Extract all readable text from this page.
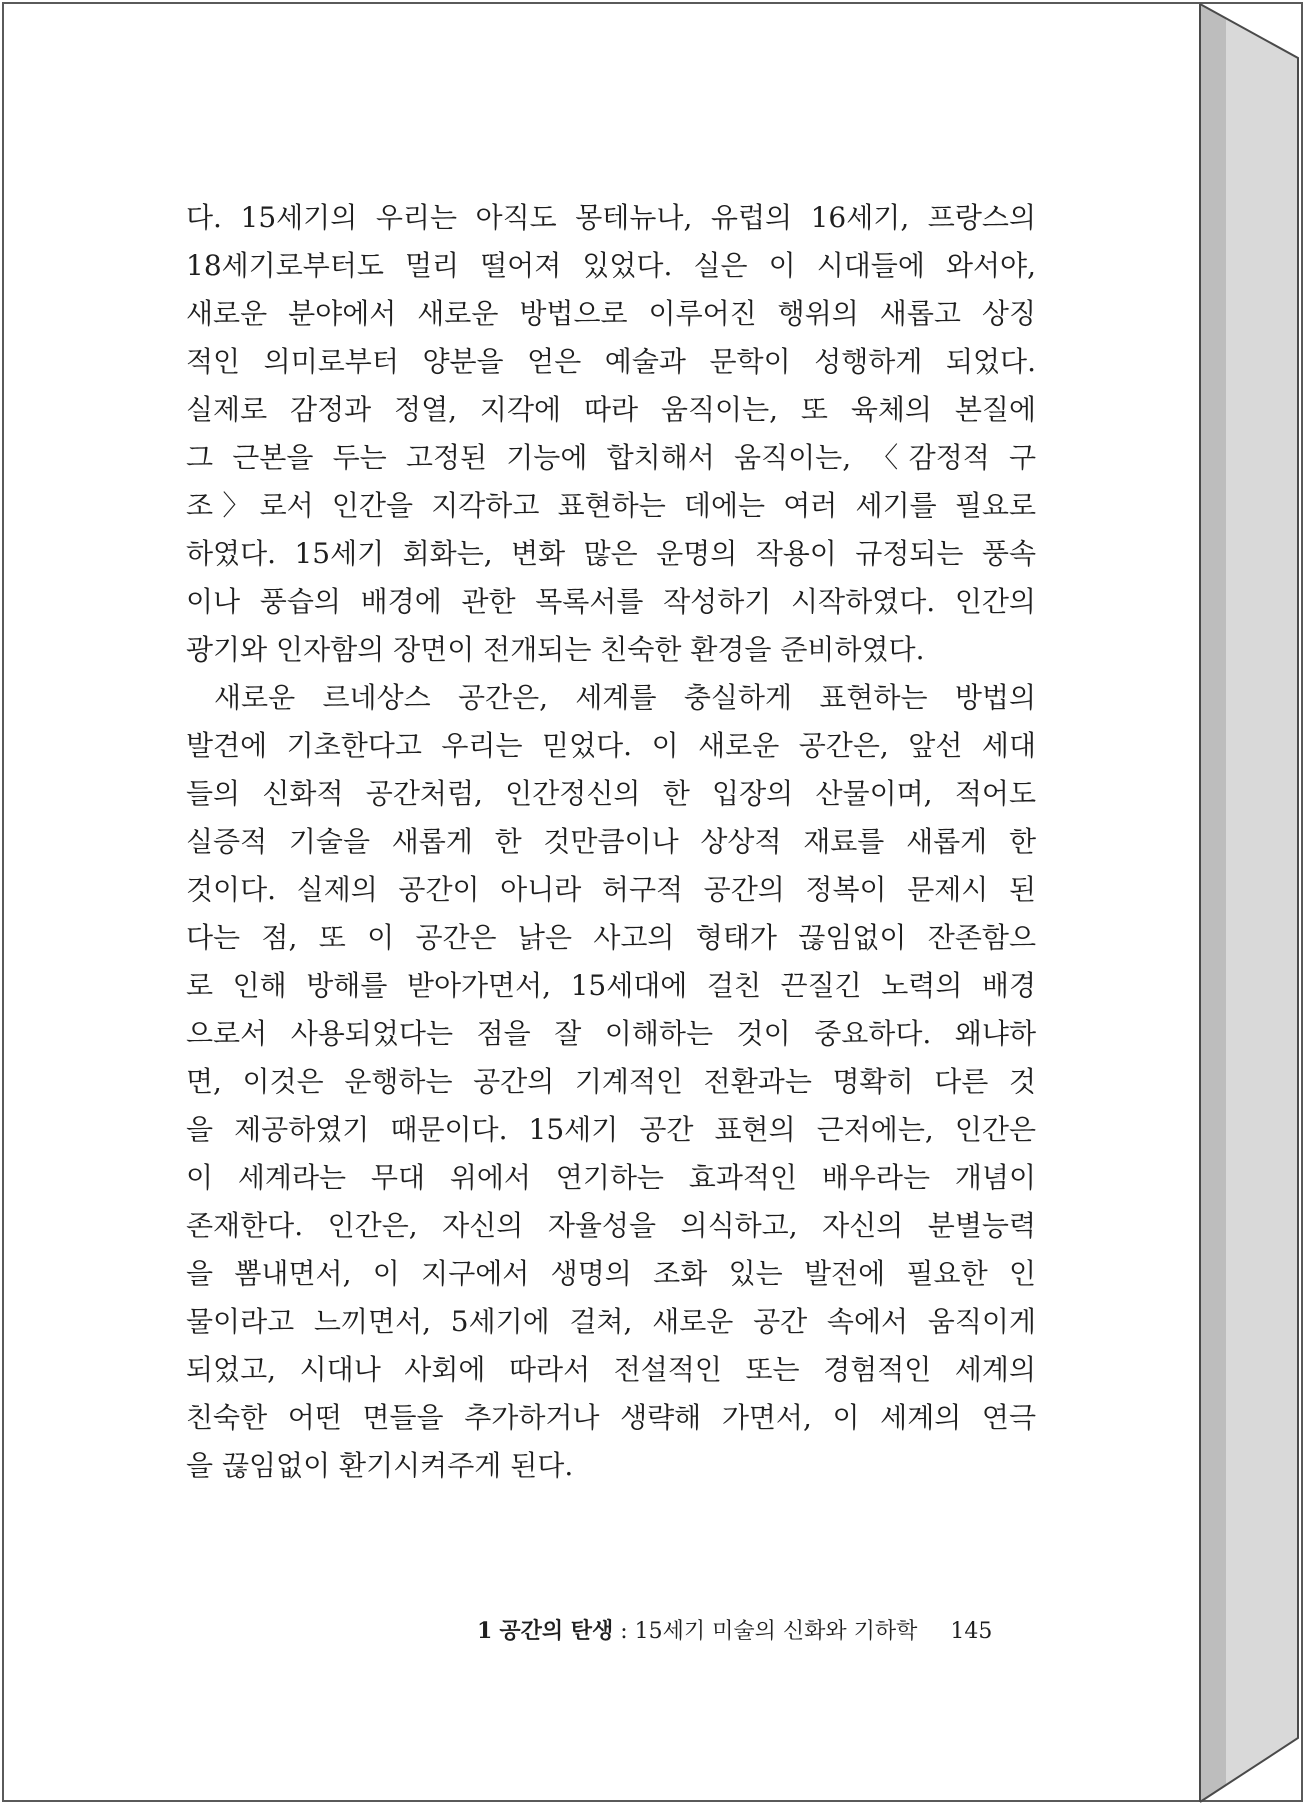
다. 15세기의 우리는 아직도 몽테뉴나, 유럽의 16세기, 프랑스의
18세기로부터도 멀리 떨어져 있었다. 실은 이 시대들에 와서야,
새로운 분야에서 새로운 방법으로 이루어진 행위의 새롭고 상징
적인 의미로부터 양분을 얻은 예술과 문학이 성행하게 되었다.
실제로 감정과 정열, 지각에 따라 움직이는, 또 육체의 본질에
그 근본을 두는 고정된 기능에 합치해서 움직이는, 〈감정적 구
조〉로서 인간을 지각하고 표현하는 데에는 여러 세기를 필요로
하였다. 15세기 회화는, 변화 많은 운명의 작용이 규정되는 풍속
이나 풍습의 배경에 관한 목록서를 작성하기 시작하였다. 인간의
광기와 인자함의 장면이 전개되는 친숙한 환경을 준비하였다.
새로운 르네상스 공간은, 세계를 충실하게 표현하는 방법의
발견에 기초한다고 우리는 믿었다. 이 새로운 공간은, 앞선 세대
들의 신화적 공간처럼, 인간정신의 한 입장의 산물이며, 적어도
실증적 기술을 새롭게 한 것만큼이나 상상적 재료를 새롭게 한
것이다. 실제의 공간이 아니라 허구적 공간의 정복이 문제시 된
다는 점, 또 이 공간은 낡은 사고의 형태가 끊임없이 잔존함으
로 인해 방해를 받아가면서, 15세대에 걸친 끈질긴 노력의 배경
으로서 사용되었다는 점을 잘 이해하는 것이 중요하다. 왜냐하
면, 이것은 운행하는 공간의 기계적인 전환과는 명확히 다른 것
을 제공하였기 때문이다. 15세기 공간 표현의 근저에는, 인간은
이 세계라는 무대 위에서 연기하는 효과적인 배우라는 개념이
존재한다. 인간은, 자신의 자율성을 의식하고, 자신의 분별능력
을 뽐내면서, 이 지구에서 생명의 조화 있는 발전에 필요한 인
물이라고 느끼면서, 5세기에 걸쳐, 새로운 공간 속에서 움직이게
되었고, 시대나 사회에 따라서 전설적인 또는 경험적인 세계의
친숙한 어떤 면들을 추가하거나 생략해 가면서, 이 세계의 연극
을 끊임없이 환기시켜주게 된다.
1 공간의 탄생 : 15세기 미술의 신화와 기하학 145
